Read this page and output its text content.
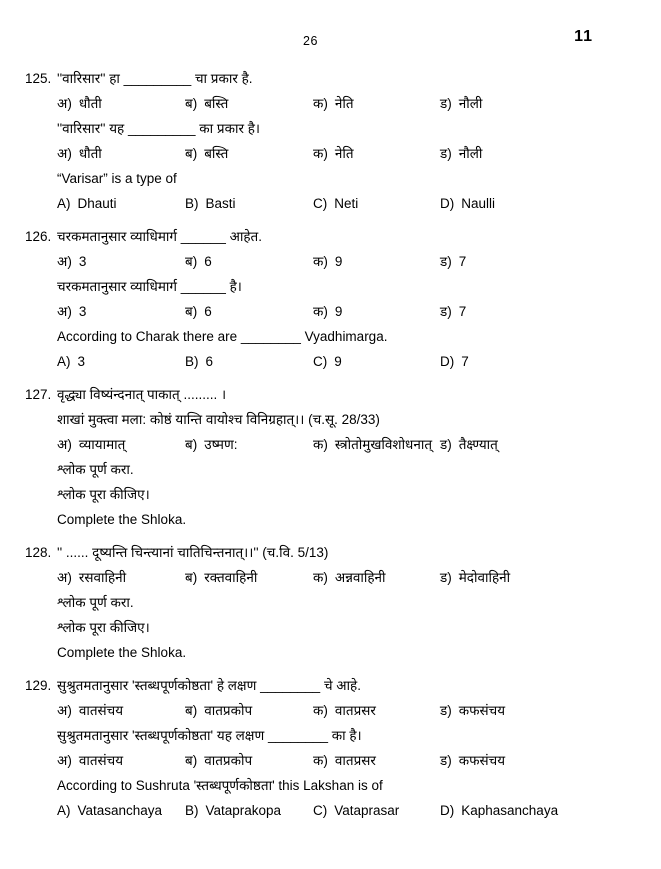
26	11
125. ''वारिसार'' हा _________ चा प्रकार है.
अ) धौती	ब) बस्ति	क) नेति	ड) नौली
''वारिसार'' यह _________ का प्रकार है।
अ) धौती	ब) बस्ति	क) नेति	ड) नौली
“Varisar” is a type of
A) Dhauti	B) Basti	C) Neti	D) Naulli
126. चरकमतानुसार व्याधिमार्ग ______ आहेत.
अ) 3	ब) 6	क) 9	ड) 7
चरकमतानुसार व्याधिमार्ग ______ है।
अ) 3	ब) 6	क) 9	ड) 7
According to Charak there are ________ Vyadhimarga.
A) 3	B) 6	C) 9	D) 7
127. वृद्ध्या विष्यंन्दनात् पाकात् ......... ।
शाखां मुक्त्वा मला: कोष्ठं यान्ति वायोश्च विनिग्रहात्।। (च.सू. 28/33)
अ) व्यायामात्	ब) उष्मण:	क) स्त्रोतोमुखविशोधनात् ड) तैक्ष्ण्यात्
श्लोक पूर्ण करा.
श्लोक पूरा कीजिए।
Complete the Shloka.
128. '' ...... दूष्यन्ति चिन्त्यानां चातिचिन्तनात्।।'' (च.वि. 5/13)
अ) रसवाहिनी	ब) रक्तवाहिनी	क) अन्नवाहिनी	ड) मेदोवाहिनी
श्लोक पूर्ण करा.
श्लोक पूरा कीजिए।
Complete the Shloka.
129. सुश्रुतमतानुसार 'स्तब्धपूर्णकोष्ठता' हे लक्षण ________ चे आहे.
अ) वातसंचय	ब) वातप्रकोप	क) वातप्रसर	ड) कफसंचय
सुश्रुतमतानुसार 'स्तब्धपूर्णकोष्ठता' यह लक्षण ________ का है।
अ) वातसंचय	ब) वातप्रकोप	क) वातप्रसर	ड) कफसंचय
According to Sushruta 'स्तब्धपूर्णकोष्ठता' this Lakshan is of
A) Vatasanchaya	B) Vataprakopa	C) Vataprasar	D) Kaphasanchaya
